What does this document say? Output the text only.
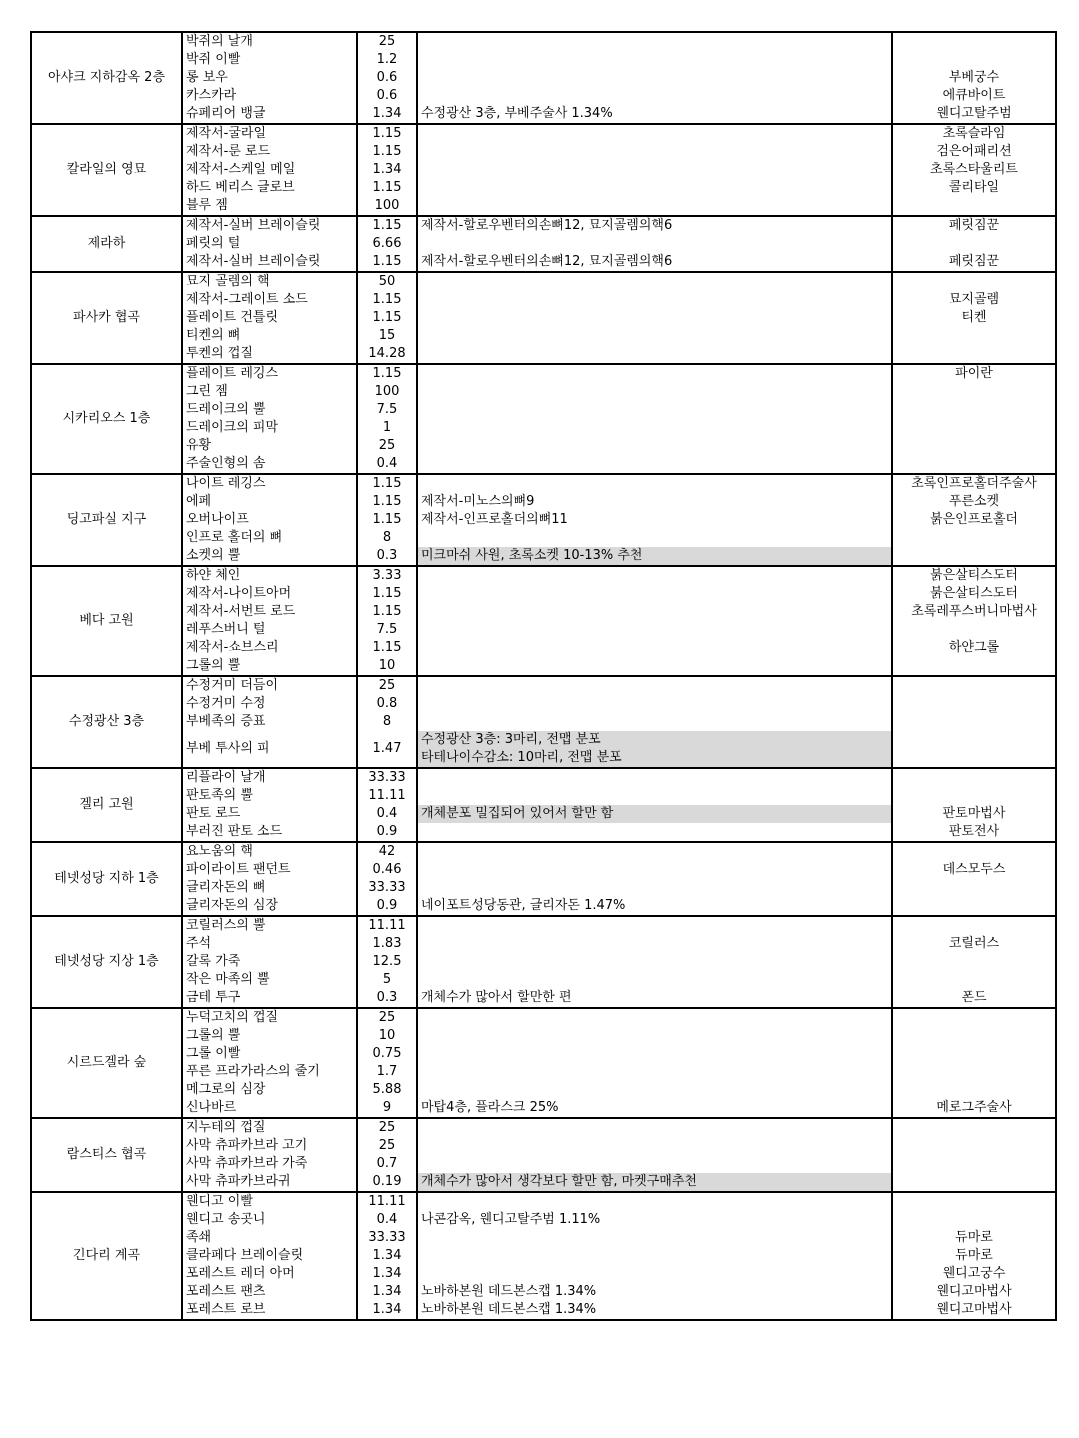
아샤크 지하감옥 2층	박쥐의 날개	25		
	박쥐 이빨	1.2		
	롱 보우	0.6		부베궁수
	카스카라	0.6		에큐바이트
	슈페리어 뱅글	1.34	수정광산 3층, 부베주술사 1.34%	웬디고탈주범
칼라일의 영묘	제작서-굴라일	1.15		초록슬라임
	제작서-룬 로드	1.15		검은어패리션
	제작서-스케일 메일	1.34		초록스타울리트
	하드 베리스 글로브	1.15		콜리타일
	블루 젬	100		
제라하	제작서-실버 브레이슬릿	1.15	제작서-할로우벤터의손뼈12, 묘지골렘의핵6	페릿짐꾼
	페릿의 털	6.66		
	제작서-실버 브레이슬릿	1.15	제작서-할로우벤터의손뼈12, 묘지골렘의핵6	페릿짐꾼
파사카 협곡	묘지 골렘의 핵	50		
	제작서-그레이트 소드	1.15		묘지골렘
	플레이트 건틀릿	1.15		티켄
	티켄의 뼈	15		
	투켄의 껍질	14.28		
시카리오스 1층	플레이트 레깅스	1.15		파이란
	그린 젬	100		
	드레이크의 뿔	7.5		
	드레이크의 피막	1		
	유황	25		
	주술인형의 솜	0.4		
딩고파실 지구	나이트 레깅스	1.15		초록인프로홀더주술사
	에페	1.15	제작서-미노스의뼈9	푸른소켓
	오버나이프	1.15	제작서-인프로홀더의뼈11	붉은인프로홀더
	인프로 홀더의 뼈	8		
	소켓의 뿔	0.3	미크마쉬 사원, 초록소켓 10-13% 추천	
베다 고원	하얀 체인	3.33		붉은살티스도터
	제작서-나이트아머	1.15		붉은살티스도터
	제작서-서번트 로드	1.15		초록레푸스버니마법사
	레푸스버니 털	7.5		
	제작서-쇼브스리	1.15		하얀그롤
	그롤의 뿔	10		
수정광산 3층	수정거미 더듬이	25		
	수정거미 수정	0.8		
	부베족의 증표	8		
	부베 투사의 피	1.47	수정광산 3층: 3마리, 전맵 분포
타테나이수감소: 10마리, 전맵 분포	

겔리 고원	리플라이 날개	33.33		
	판토족의 뿔	11.11		
	판토 로드	0.4	개체분포 밀집되어 있어서 할만 함	판토마법사
	부러진 판토 소드	0.9		판토전사
테넷성당 지하 1층	요노움의 핵	42		
	파이라이트 팬던트	0.46		데스모두스
	글리자돈의 뼈	33.33		
	글리자돈의 심장	0.9	네이포트성당동관, 글리자돈 1.47%	
테넷성당 지상 1층	코릴러스의 뿔	11.11		
	주석	1.83		코릴러스
	갈록 가죽	12.5		
	작은 마족의 뿔	5		
	금테 투구	0.3	개체수가 많아서 할만한 편	폰드
시르드겔라 숲	누덕고치의 껍질	25		
	그롤의 뿔	10		
	그롤 이빨	0.75		
	푸른 프라가라스의 줄기	1.7		
	메그로의 심장	5.88		
	신나바르	9	마탑4층, 플라스크 25%	메로그주술사
람스티스 협곡	지누테의 껍질	25		
	사막 츄파카브라 고기	25		
	사막 츄파카브라 가죽	0.7		
	사막 츄파카브라귀	0.19	개체수가 많아서 생각보다 할만 함, 마켓구매추천	
긴다리 계곡	웬디고 이빨	11.11		
	웬디고 송곳니	0.4	나콘감옥, 웬디고탈주범 1.11%	
	족쇄	33.33		듀마로
	클라페다 브레이슬릿	1.34		듀마로
	포레스트 레더 아머	1.34		웬디고궁수
	포레스트 팬츠	1.34	노바하본원 데드본스캡 1.34%	웬디고마법사
	포레스트 로브	1.34	노바하본원 데드본스캡 1.34%	웬디고마법사
